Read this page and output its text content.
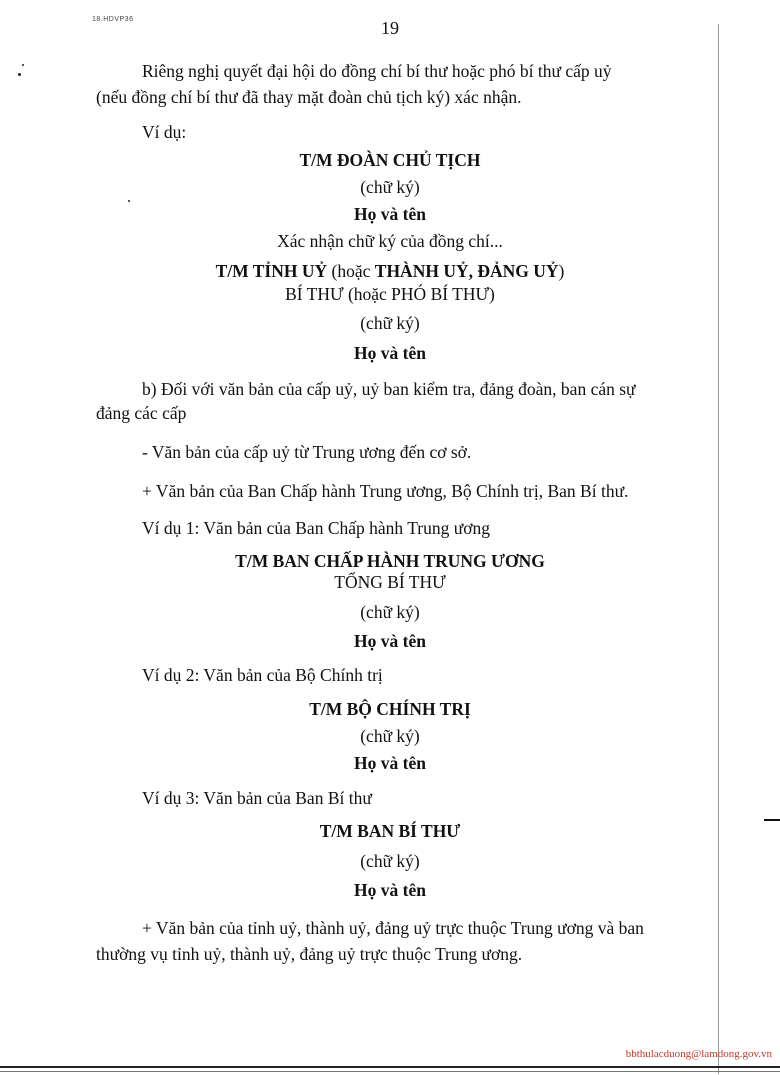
18.HDVP36	19
Riêng nghị quyết đại hội do đồng chí bí thư hoặc phó bí thư cấp uỷ
(nếu đồng chí bí thư đã thay mặt đoàn chủ tịch ký) xác nhận.
Ví dụ:
T/M ĐOÀN CHỦ TỊCH
(chữ ký)
Họ và tên
Xác nhận chữ ký của đồng chí...
T/M TỈNH UỶ (hoặc THÀNH UỶ, ĐẢNG UỶ)
BÍ THƯ (hoặc PHÓ BÍ THƯ)
(chữ ký)
Họ và tên
b) Đối với văn bản của cấp uỷ, uỷ ban kiểm tra, đảng đoàn, ban cán sự
đảng các cấp
- Văn bản của cấp uỷ từ Trung ương đến cơ sở.
+ Văn bản của Ban Chấp hành Trung ương, Bộ Chính trị, Ban Bí thư.
Ví dụ 1: Văn bản của Ban Chấp hành Trung ương
T/M BAN CHẤP HÀNH TRUNG ƯƠNG
TỔNG BÍ THƯ
(chữ ký)
Họ và tên
Ví dụ 2: Văn bản của Bộ Chính trị
T/M BỘ CHÍNH TRỊ
(chữ ký)
Họ và tên
Ví dụ 3: Văn bản của Ban Bí thư
T/M BAN BÍ THƯ
(chữ ký)
Họ và tên
+ Văn bản của tỉnh uỷ, thành uỷ, đảng uỷ trực thuộc Trung ương và ban
thường vụ tỉnh uỷ, thành uỷ, đảng uỷ trực thuộc Trung ương.
bbthulacduong@lamdong.gov.vn
